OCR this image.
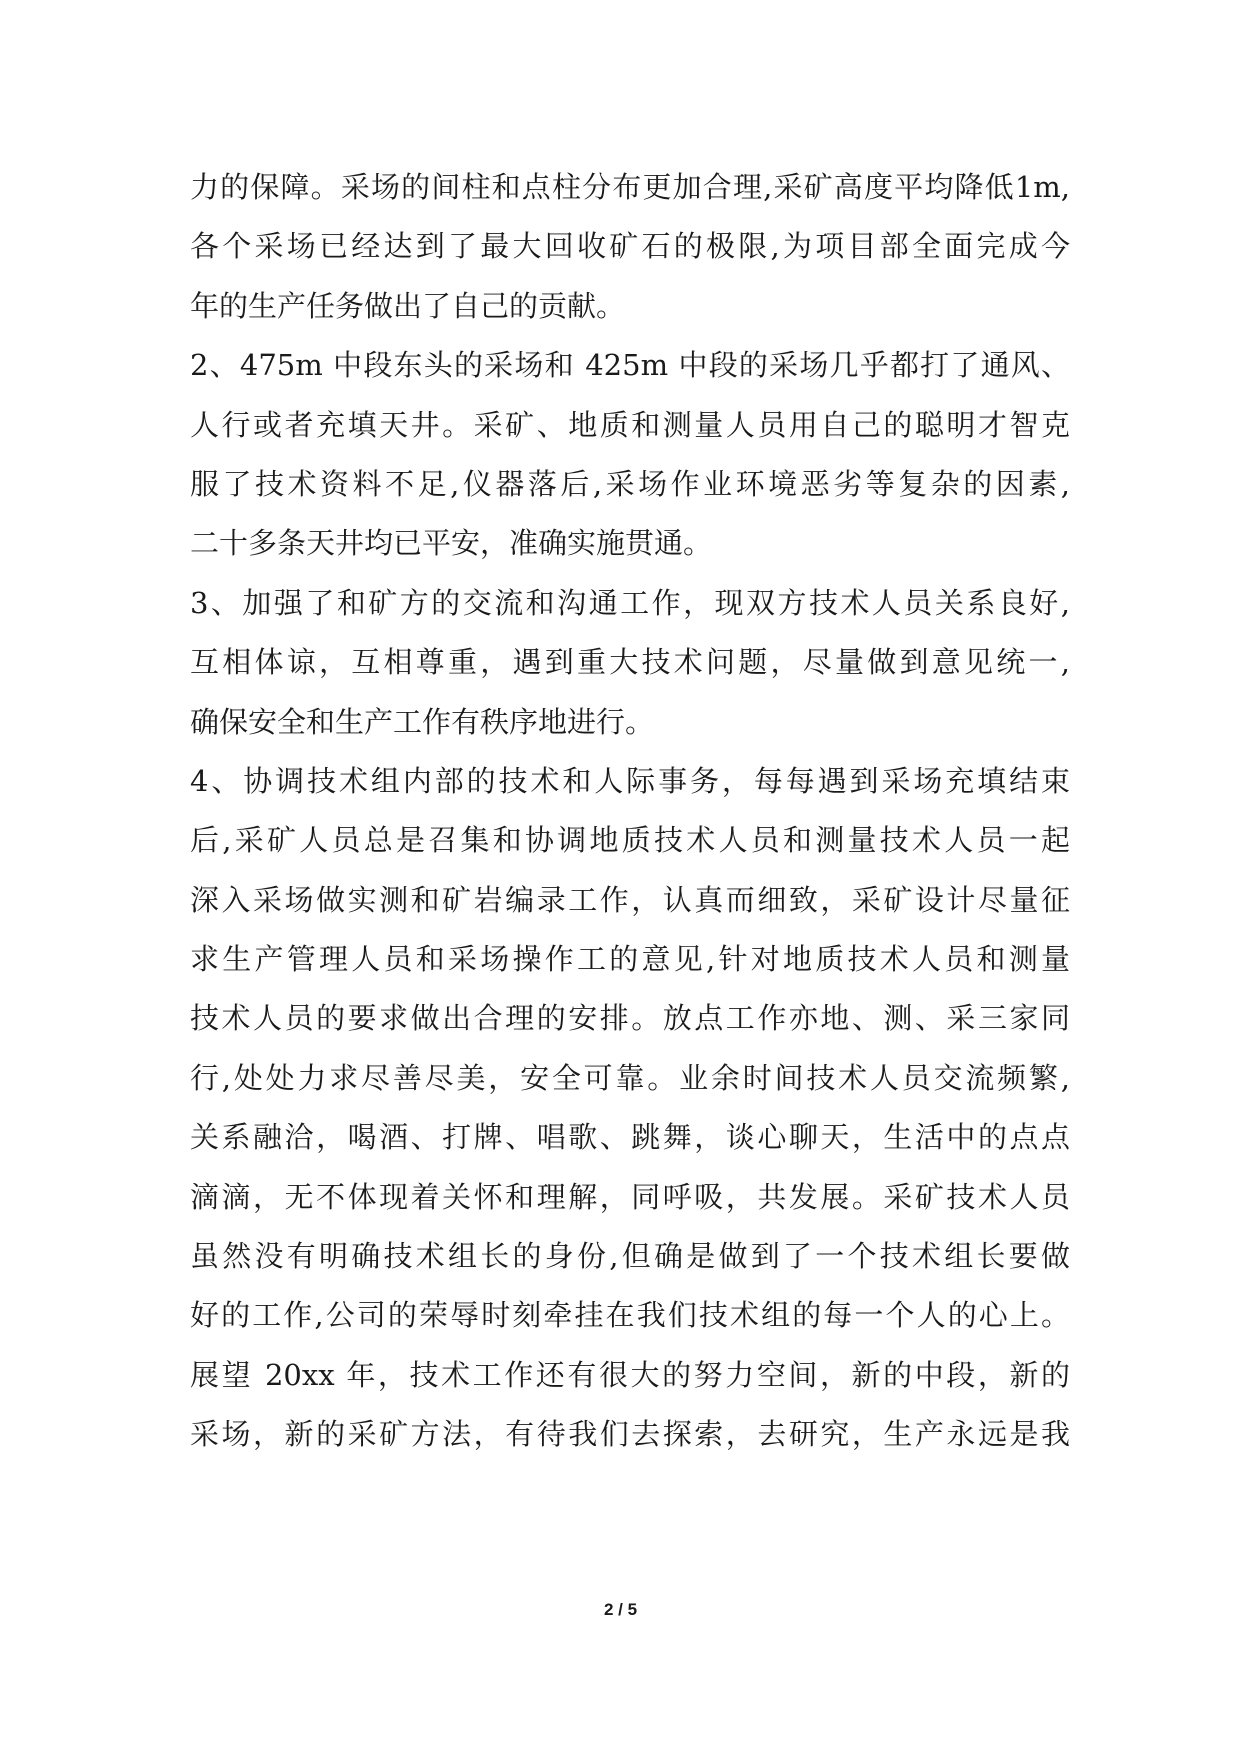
力的保障。采场的间柱和点柱分布更加合理,采矿高度平均降低1m,
各个采场已经达到了最大回收矿石的极限,为项目部全面完成今
年的生产任务做出了自己的贡献。
2、475m 中段东头的采场和 425m 中段的采场几乎都打了通风、
人行或者充填天井。采矿、地质和测量人员用自己的聪明才智克
服了技术资料不足,仪器落后,采场作业环境恶劣等复杂的因素,
二十多条天井均已平安，准确实施贯通。
3、加强了和矿方的交流和沟通工作，现双方技术人员关系良好,
互相体谅，互相尊重，遇到重大技术问题，尽量做到意见统一,
确保安全和生产工作有秩序地进行。
4、协调技术组内部的技术和人际事务，每每遇到采场充填结束
后,采矿人员总是召集和协调地质技术人员和测量技术人员一起
深入采场做实测和矿岩编录工作，认真而细致，采矿设计尽量征
求生产管理人员和采场操作工的意见,针对地质技术人员和测量
技术人员的要求做出合理的安排。放点工作亦地、测、采三家同
行,处处力求尽善尽美，安全可靠。业余时间技术人员交流频繁,
关系融洽，喝酒、打牌、唱歌、跳舞，谈心聊天，生活中的点点
滴滴，无不体现着关怀和理解，同呼吸，共发展。采矿技术人员
虽然没有明确技术组长的身份,但确是做到了一个技术组长要做
好的工作,公司的荣辱时刻牵挂在我们技术组的每一个人的心上。
展望 20xx 年，技术工作还有很大的努力空间，新的中段，新的
采场，新的采矿方法，有待我们去探索，去研究，生产永远是我
2 / 5
